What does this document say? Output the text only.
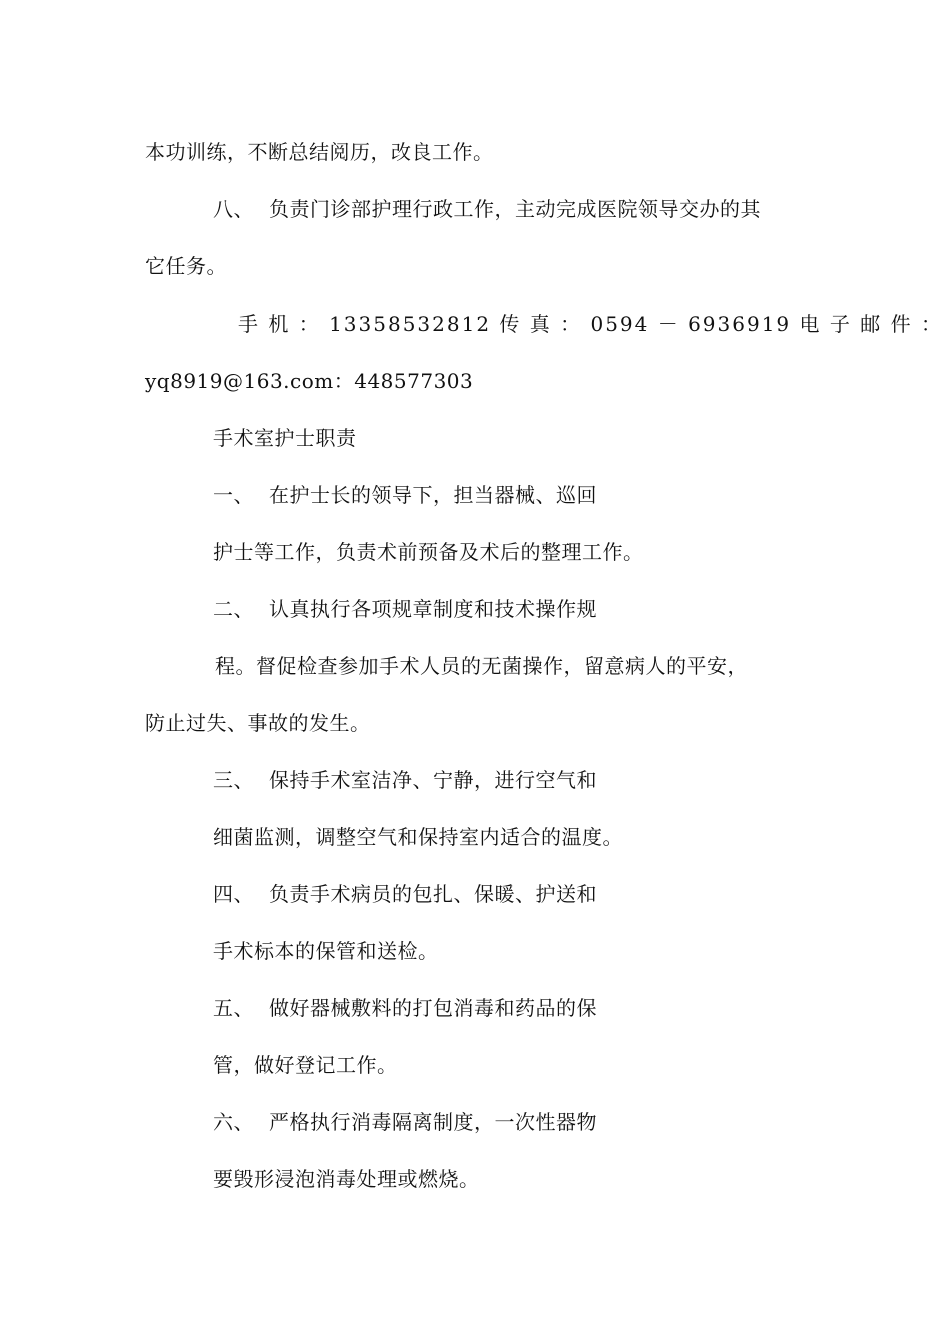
本功训练，不断总结阅历，改良工作。
八、 负责门诊部护理行政工作，主动完成医院领导交办的其
它任务。
手 机 ： 13358532812 传 真 ： 0594 － 6936919 电 子 邮 件 ：
yq8919@163.com：448577303
手术室护士职责
一、 在护士长的领导下，担当器械、巡回
护士等工作，负责术前预备及术后的整理工作。
二、 认真执行各项规章制度和技术操作规
程。督促检查参加手术人员的无菌操作，留意病人的平安，
防止过失、事故的发生。
三、 保持手术室洁净、宁静，进行空气和
细菌监测，调整空气和保持室内适合的温度。
四、 负责手术病员的包扎、保暖、护送和
手术标本的保管和送检。
五、 做好器械敷料的打包消毒和药品的保
管，做好登记工作。
六、 严格执行消毒隔离制度，一次性器物
要毁形浸泡消毒处理或燃烧。
